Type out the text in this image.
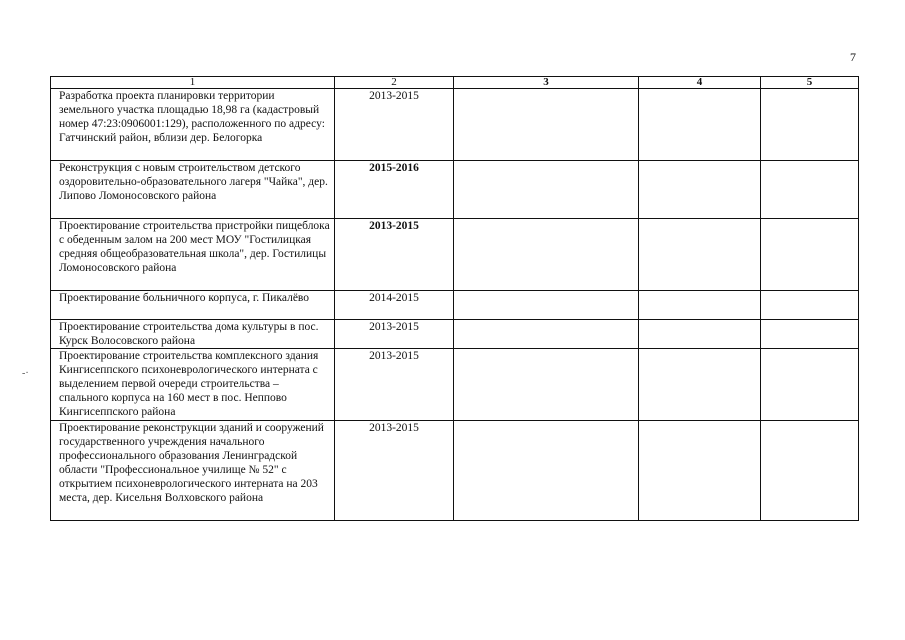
7
-·
1	2	3	4	5
Разработка проекта планировки территории земельного участка площадью 18,98 га (кадастровый номер 47:23:0906001:129), расположенного по адресу: Гатчинский район, вблизи дер. Белогорка	2013-2015			
Реконструкция с новым строительством детского оздоровительно-образовательного лагеря "Чайка", дер. Липово Ломоносовского района	2015-2016			
Проектирование строительства пристройки пищеблока с обеденным залом на 200 мест МОУ "Гостилицкая средняя общеобразовательная школа", дер. Гостилицы Ломоносовского района	2013-2015			
Проектирование больничного корпуса, г. Пикалёво	2014-2015			
Проектирование строительства дома культуры в пос. Курск Волосовского района	2013-2015			
Проектирование строительства комплексного здания Кингисеппского психоневрологического интерната с выделением первой очереди строительства – спального корпуса на 160 мест в пос. Неппово Кингисеппского района	2013-2015			
Проектирование реконструкции зданий и сооружений государственного учреждения начального профессионального образования Ленинградской области "Профессиональное училище № 52" с открытием психоневрологического интерната на 203 места, дер. Кисельня Волховского района	2013-2015			
